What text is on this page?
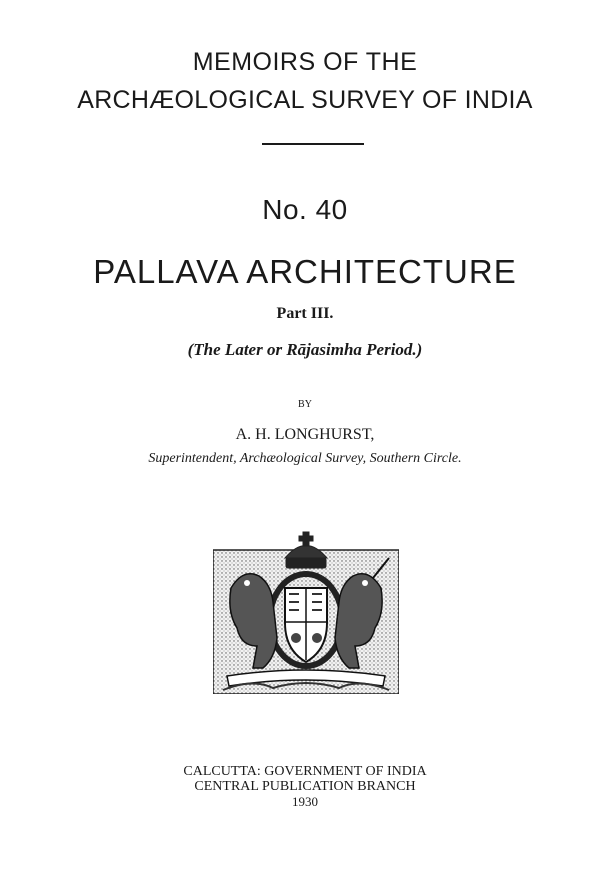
MEMOIRS OF THE
ARCHÆOLOGICAL SURVEY OF INDIA
No. 40
PALLAVA ARCHITECTURE
Part III.
(The Later or Rājasimha Period.)
BY
A. H. LONGHURST,
Superintendent, Archæological Survey, Southern Circle.
CALCUTTA: GOVERNMENT OF INDIA
CENTRAL PUBLICATION BRANCH
1930
